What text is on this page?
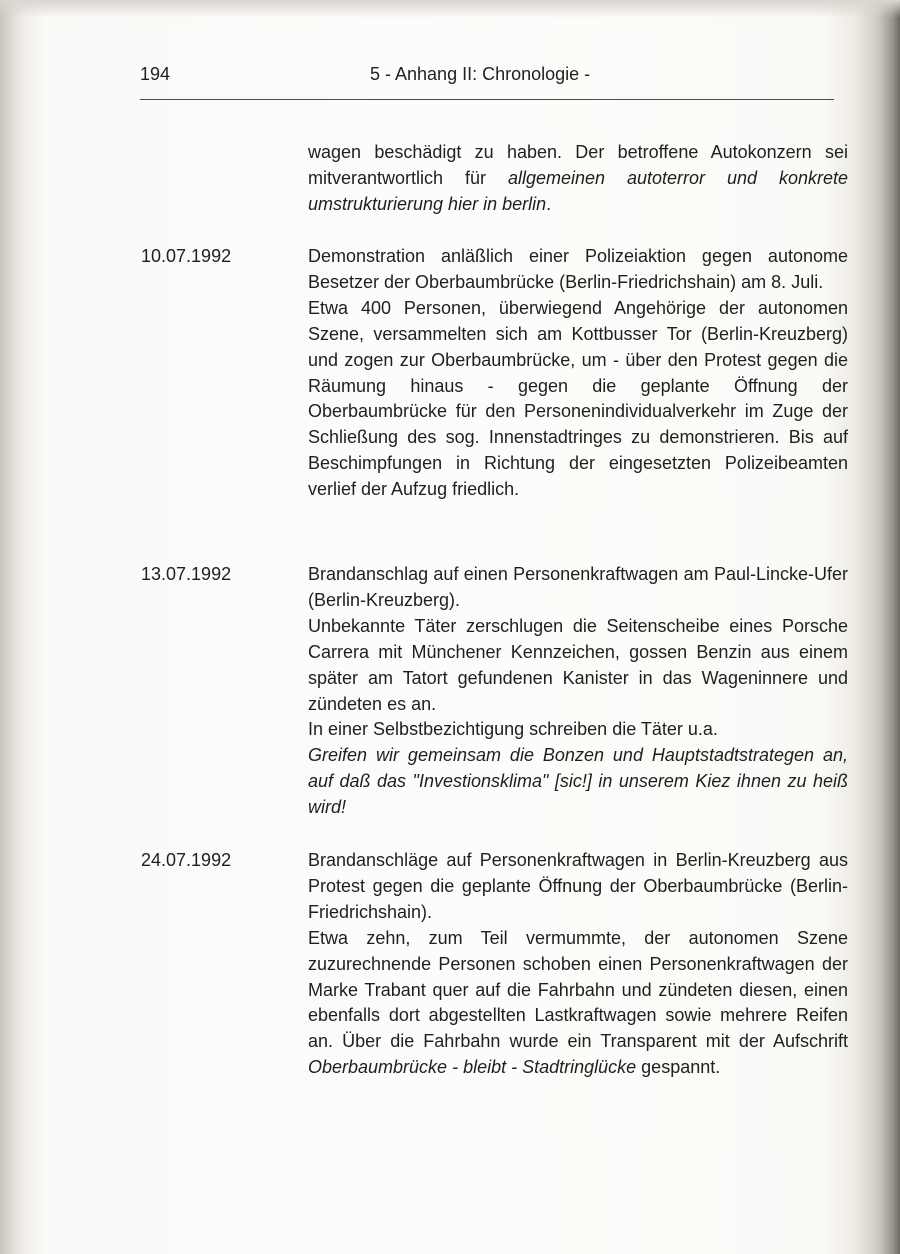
194	5 - Anhang II: Chronologie -

wagen beschädigt zu haben. Der betroffene Autokonzern sei mitverantwortlich für allgemeinen autoterror und konkrete umstrukturierung hier in berlin.

10.07.1992	Demonstration anläßlich einer Polizeiaktion gegen autonome Besetzer der Oberbaumbrücke (Berlin-Friedrichshain) am 8. Juli.

Etwa 400 Personen, überwiegend Angehörige der autonomen Szene, versammelten sich am Kottbusser Tor (Berlin-Kreuzberg) und zogen zur Oberbaumbrücke, um - über den Protest gegen die Räumung hinaus - gegen die geplante Öffnung der Oberbaumbrücke für den Personenindividualverkehr im Zuge der Schließung des sog. Innenstadtringes zu demonstrieren. Bis auf Beschimpfungen in Richtung der eingesetzten Polizeibeamten verlief der Aufzug friedlich.

13.07.1992	Brandanschlag auf einen Personenkraftwagen am Paul-Lincke-Ufer (Berlin-Kreuzberg).

Unbekannte Täter zerschlugen die Seitenscheibe eines Porsche Carrera mit Münchener Kennzeichen, gossen Benzin aus einem später am Tatort gefundenen Kanister in das Wageninnere und zündeten es an.

In einer Selbstbezichtigung schreiben die Täter u.a.

Greifen wir gemeinsam die Bonzen und Hauptstadtstrategen an, auf daß das "Investionsklima" [sic!] in unserem Kiez ihnen zu heiß wird!

24.07.1992	Brandanschläge auf Personenkraftwagen in Berlin-Kreuzberg aus Protest gegen die geplante Öffnung der Oberbaumbrücke (Berlin-Friedrichshain).

Etwa zehn, zum Teil vermummte, der autonomen Szene zuzurechnende Personen schoben einen Personenkraftwagen der Marke Trabant quer auf die Fahrbahn und zündeten diesen, einen ebenfalls dort abgestellten Lastkraftwagen sowie mehrere Reifen an. Über die Fahrbahn wurde ein Transparent mit der Aufschrift Oberbaumbrücke - bleibt - Stadtringlücke gespannt.
